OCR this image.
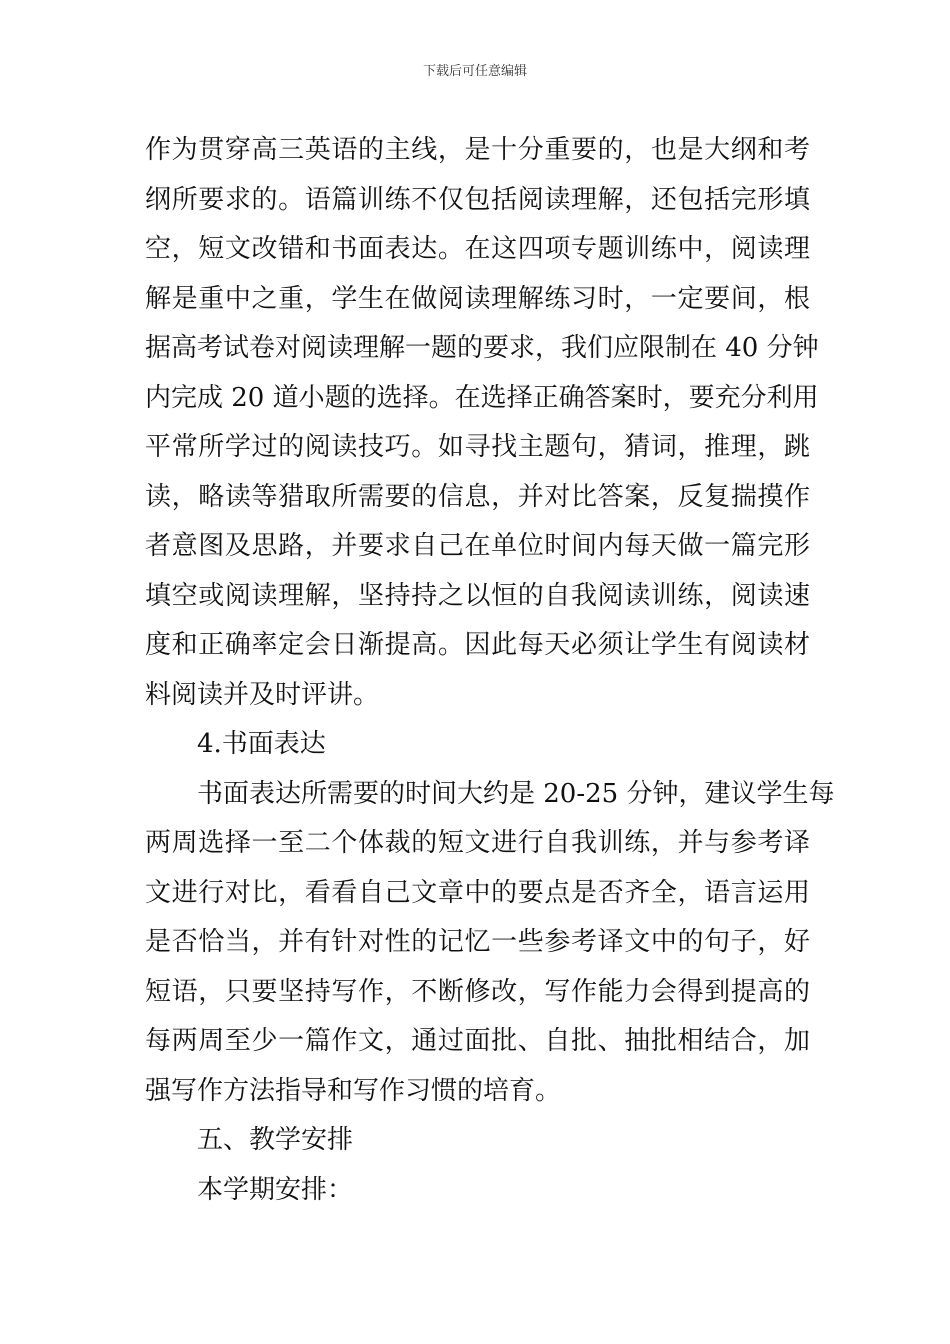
下载后可任意编辑
作为贯穿高三英语的主线，是十分重要的，也是大纲和考
纲所要求的。语篇训练不仅包括阅读理解，还包括完形填
空，短文改错和书面表达。在这四项专题训练中，阅读理
解是重中之重，学生在做阅读理解练习时，一定要间，根
据高考试卷对阅读理解一题的要求，我们应限制在 40 分钟
内完成 20 道小题的选择。在选择正确答案时，要充分利用
平常所学过的阅读技巧。如寻找主题句，猜词，推理，跳
读，略读等猎取所需要的信息，并对比答案，反复揣摸作
者意图及思路，并要求自己在单位时间内每天做一篇完形
填空或阅读理解，坚持持之以恒的自我阅读训练，阅读速
度和正确率定会日渐提高。因此每天必须让学生有阅读材
料阅读并及时评讲。
4.书面表达
书面表达所需要的时间大约是 20-25 分钟，建议学生每
两周选择一至二个体裁的短文进行自我训练，并与参考译
文进行对比，看看自己文章中的要点是否齐全，语言运用
是否恰当，并有针对性的记忆一些参考译文中的句子，好
短语，只要坚持写作，不断修改，写作能力会得到提高的
每两周至少一篇作文，通过面批、自批、抽批相结合，加
强写作方法指导和写作习惯的培育。
五、教学安排
本学期安排：
